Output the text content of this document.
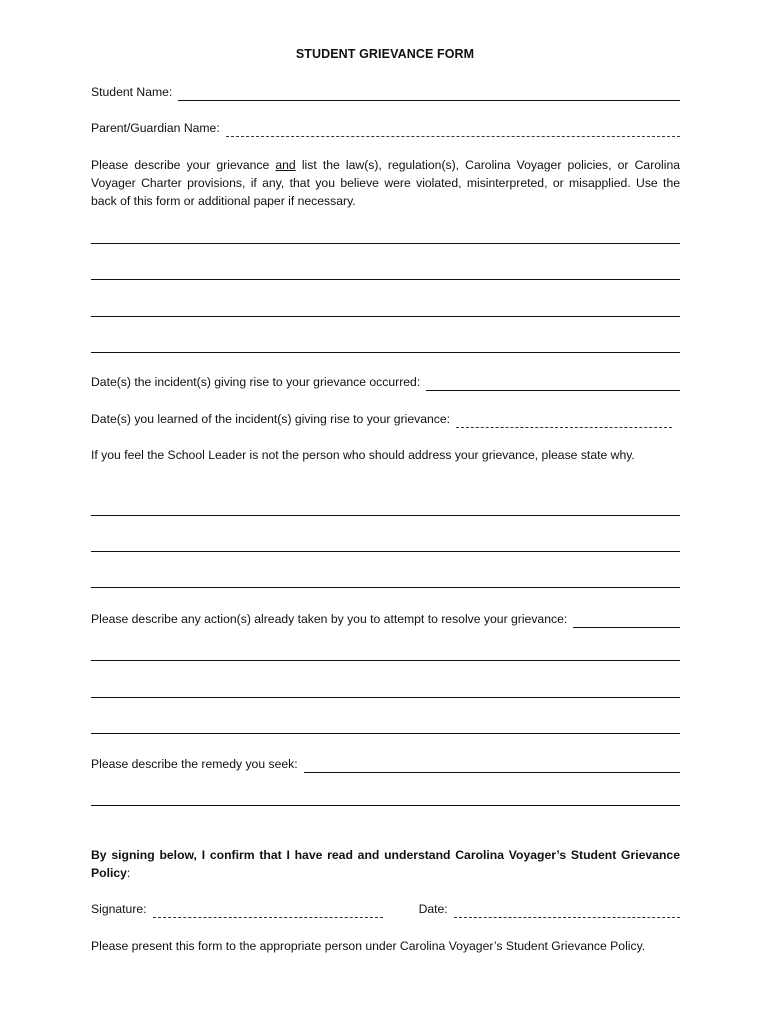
STUDENT GRIEVANCE FORM
Student Name:
Parent/Guardian Name:
Please describe your grievance and list the law(s), regulation(s), Carolina Voyager policies, or Carolina Voyager Charter provisions, if any, that you believe were violated, misinterpreted, or misapplied. Use the back of this form or additional paper if necessary.
Date(s) the incident(s) giving rise to your grievance occurred:
Date(s) you learned of the incident(s) giving rise to your grievance:
If you feel the School Leader is not the person who should address your grievance, please state why.
Please describe any action(s) already taken by you to attempt to resolve your grievance:
Please describe the remedy you seek:
By signing below, I confirm that I have read and understand Carolina Voyager’s Student Grievance Policy:
Signature:	Date:
Please present this form to the appropriate person under Carolina Voyager’s Student Grievance Policy.
